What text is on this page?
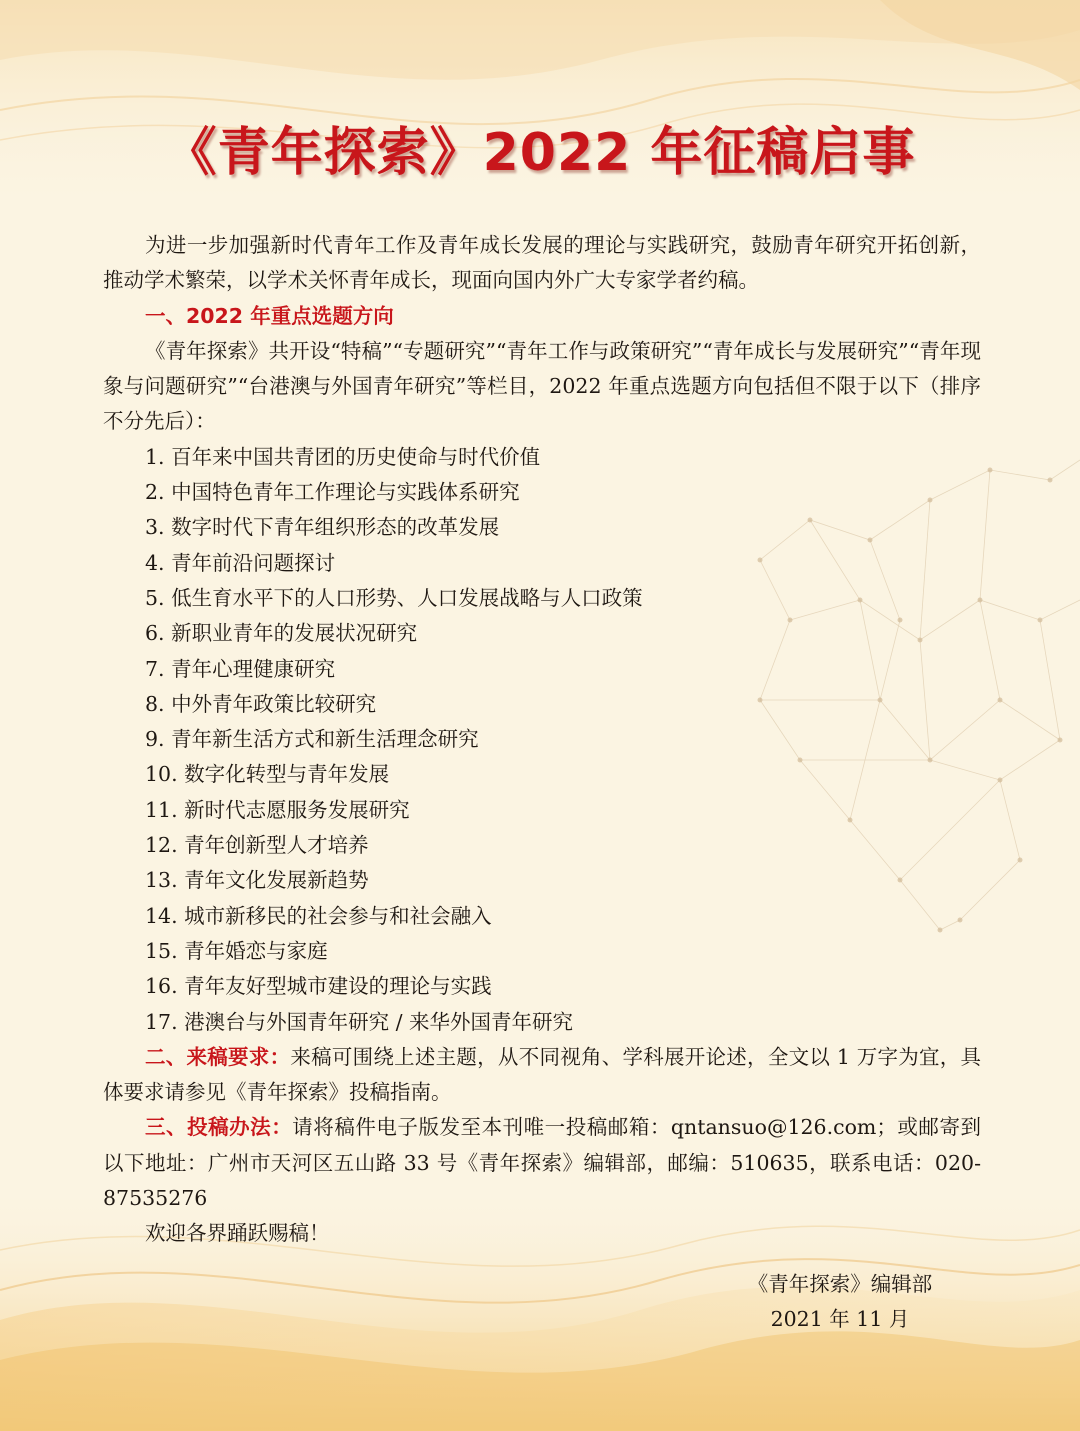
《青年探索》2022 年征稿启事

为进一步加强新时代青年工作及青年成长发展的理论与实践研究，鼓励青年研究开拓创新，推动学术繁荣，以学术关怀青年成长，现面向国内外广大专家学者约稿。

一、2022 年重点选题方向

《青年探索》共开设“特稿”“专题研究”“青年工作与政策研究”“青年成长与发展研究”“青年现象与问题研究”“台港澳与外国青年研究”等栏目，2022 年重点选题方向包括但不限于以下（排序不分先后）：

1. 百年来中国共青团的历史使命与时代价值
2. 中国特色青年工作理论与实践体系研究
3. 数字时代下青年组织形态的改革发展
4. 青年前沿问题探讨
5. 低生育水平下的人口形势、人口发展战略与人口政策
6. 新职业青年的发展状况研究
7. 青年心理健康研究
8. 中外青年政策比较研究
9. 青年新生活方式和新生活理念研究
10. 数字化转型与青年发展
11. 新时代志愿服务发展研究
12. 青年创新型人才培养
13. 青年文化发展新趋势
14. 城市新移民的社会参与和社会融入
15. 青年婚恋与家庭
16. 青年友好型城市建设的理论与实践
17. 港澳台与外国青年研究 / 来华外国青年研究

二、来稿要求：来稿可围绕上述主题，从不同视角、学科展开论述，全文以 1 万字为宜，具体要求请参见《青年探索》投稿指南。

三、投稿办法：请将稿件电子版发至本刊唯一投稿邮箱：qntansuo@126.com；或邮寄到以下地址：广州市天河区五山路 33 号《青年探索》编辑部，邮编：510635，联系电话：020-87535276

欢迎各界踊跃赐稿！

《青年探索》编辑部
2021 年 11 月
